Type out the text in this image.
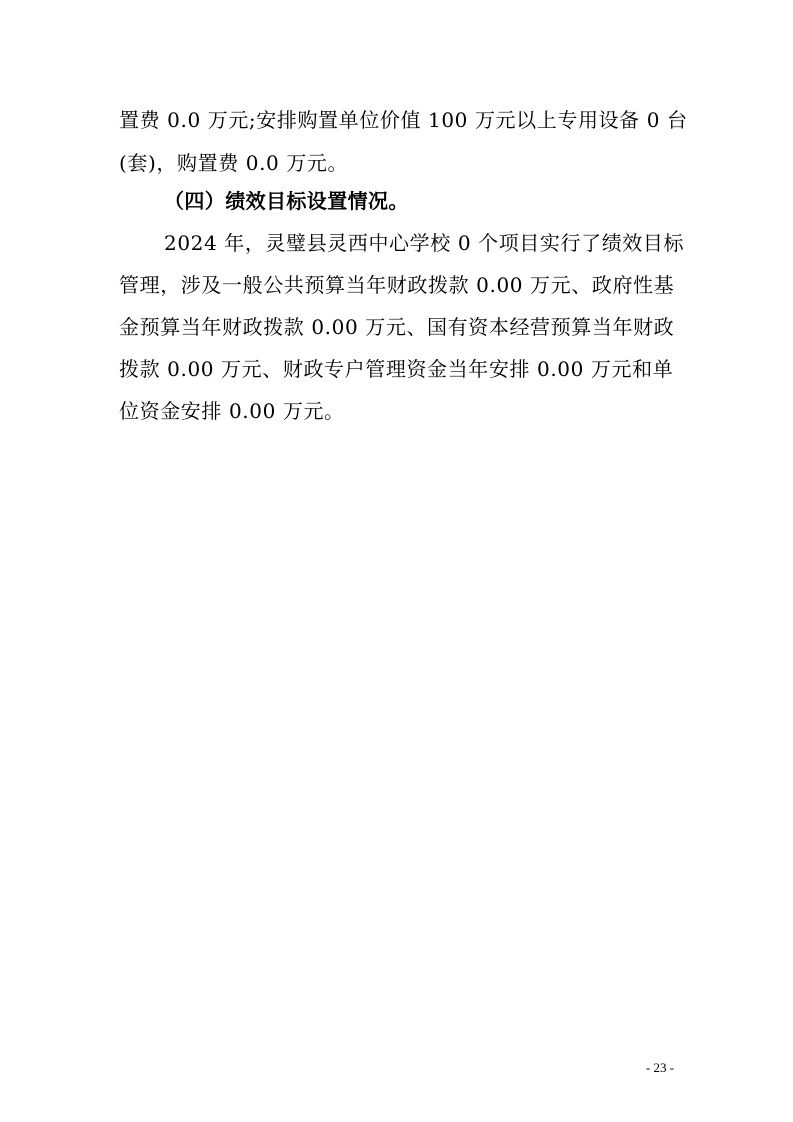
置费 0.0 万元;安排购置单位价值 100 万元以上专用设备 0 台
(套)，购置费 0.0 万元。
（四）绩效目标设置情况。
2024 年，灵璧县灵西中心学校 0 个项目实行了绩效目标
管理，涉及一般公共预算当年财政拨款 0.00 万元、政府性基
金预算当年财政拨款 0.00 万元、国有资本经营预算当年财政
拨款 0.00 万元、财政专户管理资金当年安排 0.00 万元和单
位资金安排 0.00 万元。
- 23 -
